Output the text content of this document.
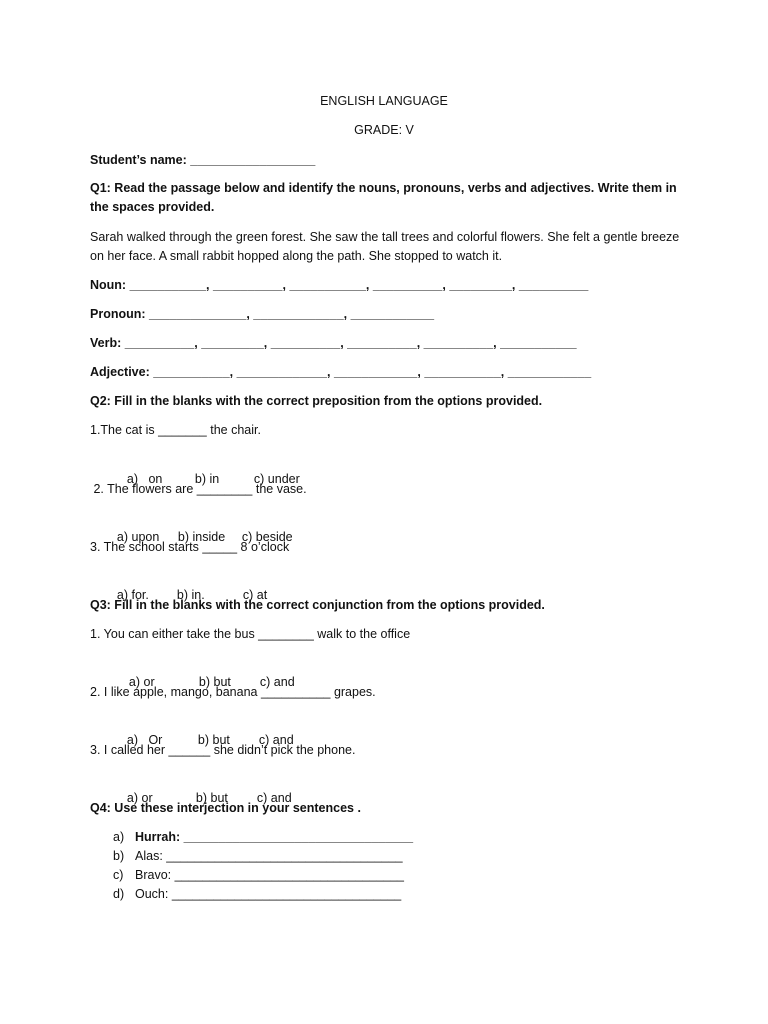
ENGLISH LANGUAGE
GRADE: V
Student’s name: __________________
Q1: Read the passage below and identify the nouns, pronouns, verbs and adjectives. Write them in the spaces provided.
Sarah walked through the green forest. She saw the tall trees and colorful flowers. She felt a gentle breeze on her face. A small rabbit hopped along the path. She stopped to watch it.
Noun: ___________, __________, ___________, __________, _________, __________
Pronoun: ______________, _____________, ____________
Verb: __________, _________, __________, __________, __________, ___________
Adjective: ___________, _____________, ____________, ___________, ____________
Q2: Fill in the blanks with the correct preposition from the options provided.
1.The cat is _______ the chair.

a)   on	b) in	c) under

2. The flowers are ________ the vase.

a) upon b) inside c) beside

3. The school starts _____ 8 o’clock

a) for. b) in.	c) at

Q3: Fill in the blanks with the correct conjunction from the options provided.
1. You can either take the bus ________ walk to the office

a) or	b) but c) and

2. I like apple, mango, banana __________ grapes.

a)   Or	b) but c) and

3. I called her ______ she didn’t pick the phone.

a) or	b) but c) and

Q4: Use these interjection in your sentences .
a) Hurrah: _________________________________
b) Alas: __________________________________
c) Bravo: _________________________________
d) Ouch: _________________________________
